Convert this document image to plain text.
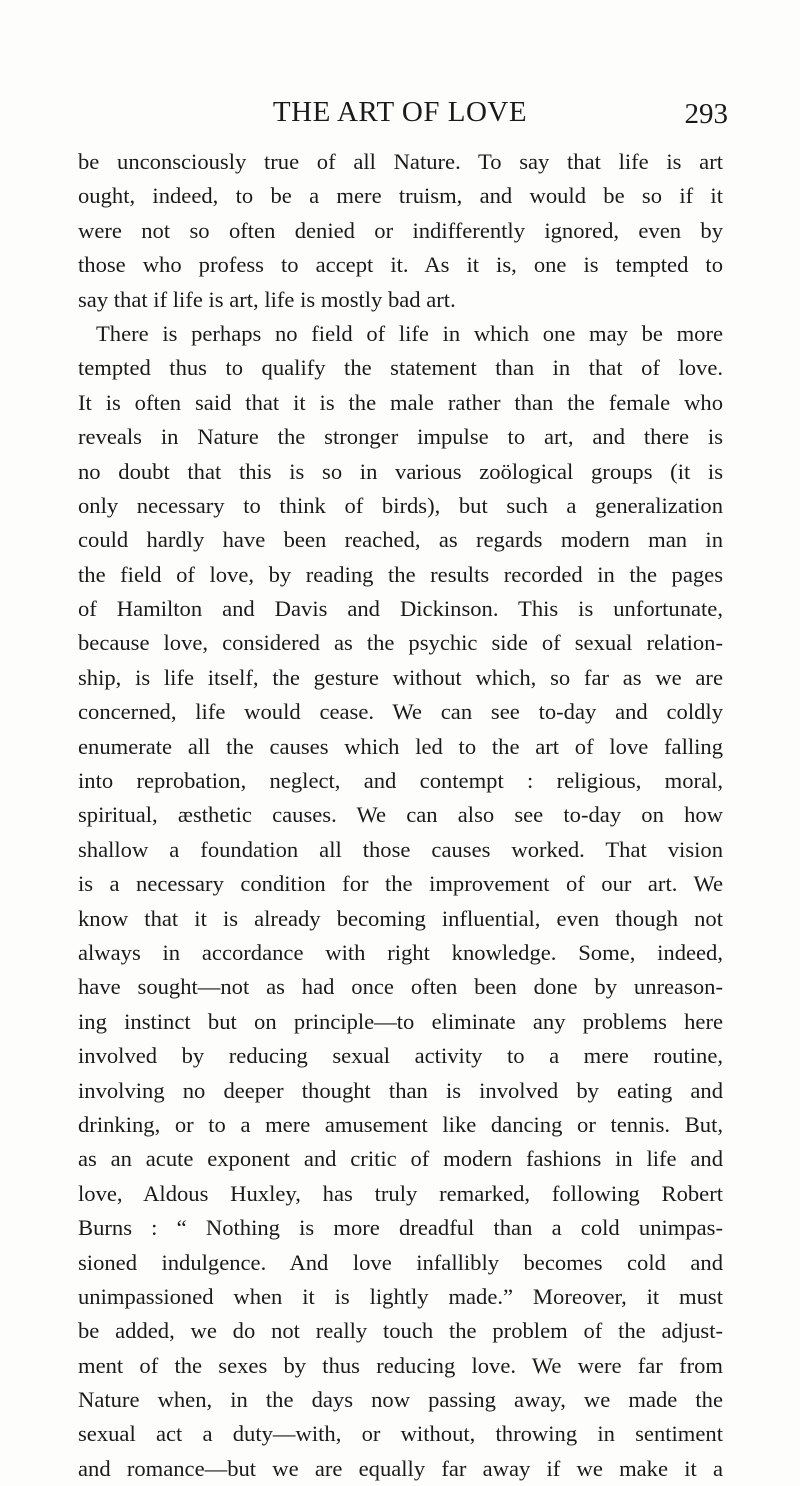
THE ART OF LOVE	293
be unconsciously true of all Nature. To say that life is art
ought, indeed, to be a mere truism, and would be so if it
were not so often denied or indifferently ignored, even by
those who profess to accept it. As it is, one is tempted to
say that if life is art, life is mostly bad art.
There is perhaps no field of life in which one may be more
tempted thus to qualify the statement than in that of love.
It is often said that it is the male rather than the female who
reveals in Nature the stronger impulse to art, and there is
no doubt that this is so in various zoölogical groups (it is
only necessary to think of birds), but such a generalization
could hardly have been reached, as regards modern man in
the field of love, by reading the results recorded in the pages
of Hamilton and Davis and Dickinson. This is unfortunate,
because love, considered as the psychic side of sexual relation-
ship, is life itself, the gesture without which, so far as we are
concerned, life would cease. We can see to-day and coldly
enumerate all the causes which led to the art of love falling
into reprobation, neglect, and contempt : religious, moral,
spiritual, æsthetic causes. We can also see to-day on how
shallow a foundation all those causes worked. That vision
is a necessary condition for the improvement of our art. We
know that it is already becoming influential, even though not
always in accordance with right knowledge. Some, indeed,
have sought—not as had once often been done by unreason-
ing instinct but on principle—to eliminate any problems here
involved by reducing sexual activity to a mere routine,
involving no deeper thought than is involved by eating and
drinking, or to a mere amusement like dancing or tennis. But,
as an acute exponent and critic of modern fashions in life and
love, Aldous Huxley, has truly remarked, following Robert
Burns : “ Nothing is more dreadful than a cold unimpas-
sioned indulgence. And love infallibly becomes cold and
unimpassioned when it is lightly made.” Moreover, it must
be added, we do not really touch the problem of the adjust-
ment of the sexes by thus reducing love. We were far from
Nature when, in the days now passing away, we made the
sexual act a duty—with, or without, throwing in sentiment
and romance—but we are equally far away if we make it a
